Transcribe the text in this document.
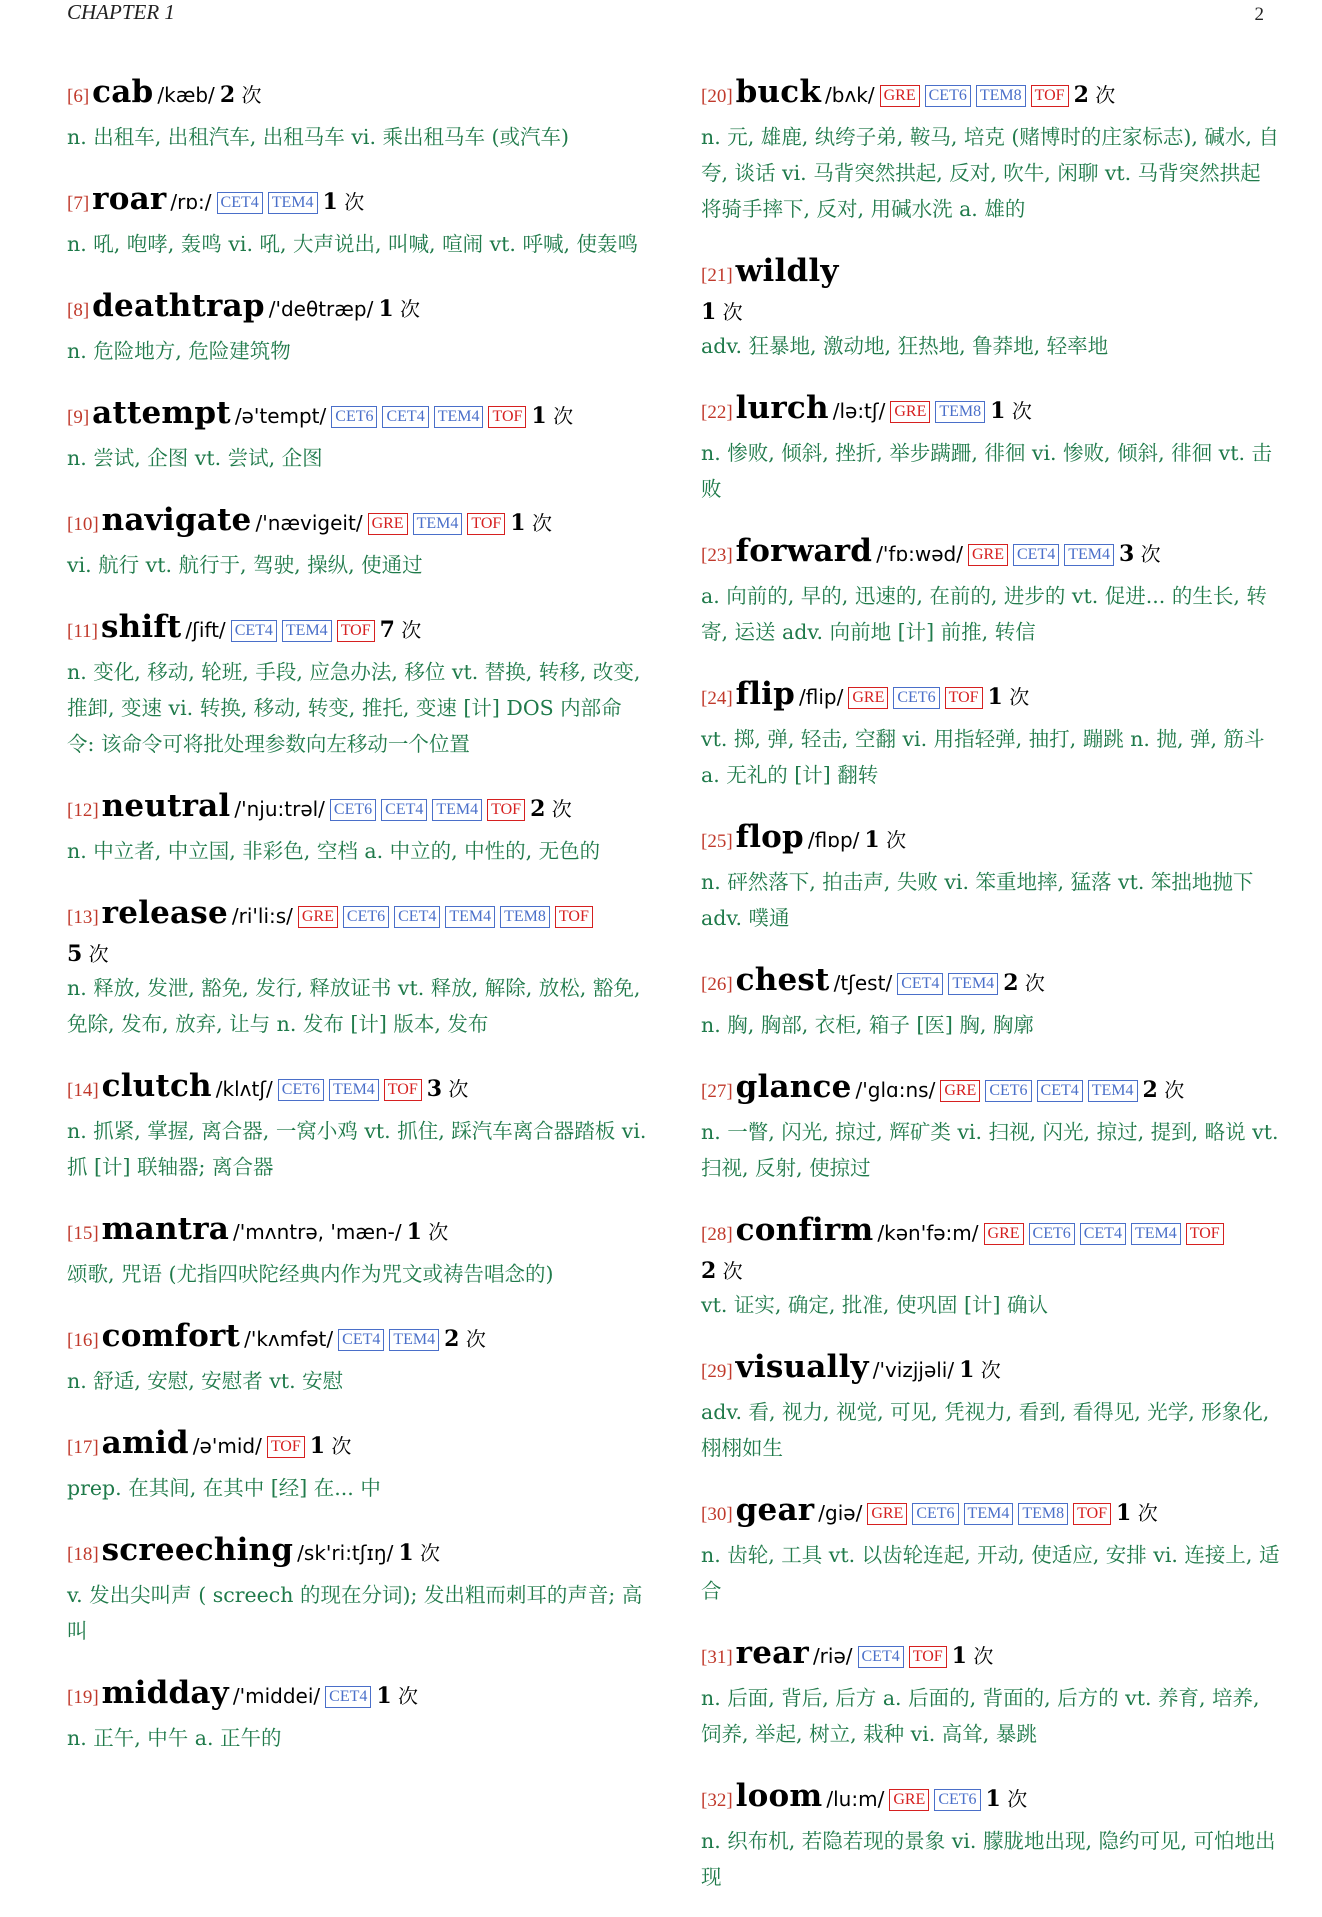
CHAPTER 1	2

[6]cab /kæb/ 2 次

n. 出租车, 出租汽车, 出租马车 vi. 乘出租马车 (或汽车)

[7]roar /rɒ:/ CET4 TEM4 1 次

n. 吼, 咆哮, 轰鸣 vi. 吼, 大声说出, 叫喊, 喧闹 vt. 呼喊, 使轰鸣

[8]deathtrap /'deθtræp/ 1 次

n. 危险地方, 危险建筑物

[9]attempt /ə'tempt/ CET6 CET4 TEM4 TOF 1 次

n. 尝试, 企图 vt. 尝试, 企图

[10]navigate /'nævigeit/ GRE TEM4 TOF 1 次

vi. 航行 vt. 航行于, 驾驶, 操纵, 使通过

[11]shift /ʃift/ CET4 TEM4 TOF 7 次

n. 变化, 移动, 轮班, 手段, 应急办法, 移位 vt. 替换, 转移, 改变, 推卸, 变速 vi. 转换, 移动, 转变, 推托, 变速 [计] DOS 内部命令: 该命令可将批处理参数向左移动一个位置

[12]neutral /'nju:trəl/ CET6 CET4 TEM4 TOF 2 次

n. 中立者, 中立国, 非彩色, 空档 a. 中立的, 中性的, 无色的

[13]release /ri'li:s/ GRE CET6 CET4 TEM4 TEM8 TOF

5 次

n. 释放, 发泄, 豁免, 发行, 释放证书 vt. 释放, 解除, 放松, 豁免, 免除, 发布, 放弃, 让与 n. 发布 [计] 版本, 发布

[14]clutch /klʌtʃ/ CET6 TEM4 TOF 3 次

n. 抓紧, 掌握, 离合器, 一窝小鸡 vt. 抓住, 踩汽车离合器踏板 vi. 抓 [计] 联轴器; 离合器

[15]mantra /'mʌntrə, 'mæn-/ 1 次

颂歌, 咒语 (尤指四吠陀经典内作为咒文或祷告唱念的)

[16]comfort /'kʌmfət/ CET4 TEM4 2 次

n. 舒适, 安慰, 安慰者 vt. 安慰

[17]amid /ə'mid/ TOF 1 次

prep. 在其间, 在其中 [经] 在... 中

[18]screeching /sk'ri:tʃɪŋ/ 1 次

v. 发出尖叫声 ( screech 的现在分词); 发出粗而刺耳的声音; 高叫

[19]midday /'middei/ CET4 1 次

n. 正午, 中午 a. 正午的

[20]buck /bʌk/ GRE CET6 TEM8 TOF 2 次

n. 元, 雄鹿, 纨绔子弟, 鞍马, 培克 (赌博时的庄家标志), 碱水, 自夸, 谈话 vi. 马背突然拱起, 反对, 吹牛, 闲聊 vt. 马背突然拱起将骑手摔下, 反对, 用碱水洗 a. 雄的

[21]wildly

1 次

adv. 狂暴地, 激动地, 狂热地, 鲁莽地, 轻率地

[22]lurch /lə:tʃ/ GRE TEM8 1 次

n. 惨败, 倾斜, 挫折, 举步蹒跚, 徘徊 vi. 惨败, 倾斜, 徘徊 vt. 击败

[23]forward /'fɒ:wəd/ GRE CET4 TEM4 3 次

a. 向前的, 早的, 迅速的, 在前的, 进步的 vt. 促进... 的生长, 转寄, 运送 adv. 向前地 [计] 前推, 转信

[24]flip /flip/ GRE CET6 TOF 1 次

vt. 掷, 弹, 轻击, 空翻 vi. 用指轻弹, 抽打, 蹦跳 n. 抛, 弹, 筋斗 a. 无礼的 [计] 翻转

[25]flop /flɒp/ 1 次

n. 砰然落下, 拍击声, 失败 vi. 笨重地摔, 猛落 vt. 笨拙地抛下 adv. 噗通

[26]chest /tʃest/ CET4 TEM4 2 次

n. 胸, 胸部, 衣柜, 箱子 [医] 胸, 胸廓

[27]glance /'glɑ:ns/ GRE CET6 CET4 TEM4 2 次

n. 一瞥, 闪光, 掠过, 辉矿类 vi. 扫视, 闪光, 掠过, 提到, 略说 vt. 扫视, 反射, 使掠过

[28]confirm /kən'fə:m/ GRE CET6 CET4 TEM4 TOF

2 次

vt. 证实, 确定, 批准, 使巩固 [计] 确认

[29]visually /'vizjjəli/ 1 次

adv. 看, 视力, 视觉, 可见, 凭视力, 看到, 看得见, 光学, 形象化, 栩栩如生

[30]gear /giə/ GRE CET6 TEM4 TEM8 TOF 1 次

n. 齿轮, 工具 vt. 以齿轮连起, 开动, 使适应, 安排 vi. 连接上, 适合

[31]rear /riə/ CET4 TOF 1 次

n. 后面, 背后, 后方 a. 后面的, 背面的, 后方的 vt. 养育, 培养, 饲养, 举起, 树立, 栽种 vi. 高耸, 暴跳

[32]loom /lu:m/ GRE CET6 1 次

n. 织布机, 若隐若现的景象 vi. 朦胧地出现, 隐约可见, 可怕地出现
